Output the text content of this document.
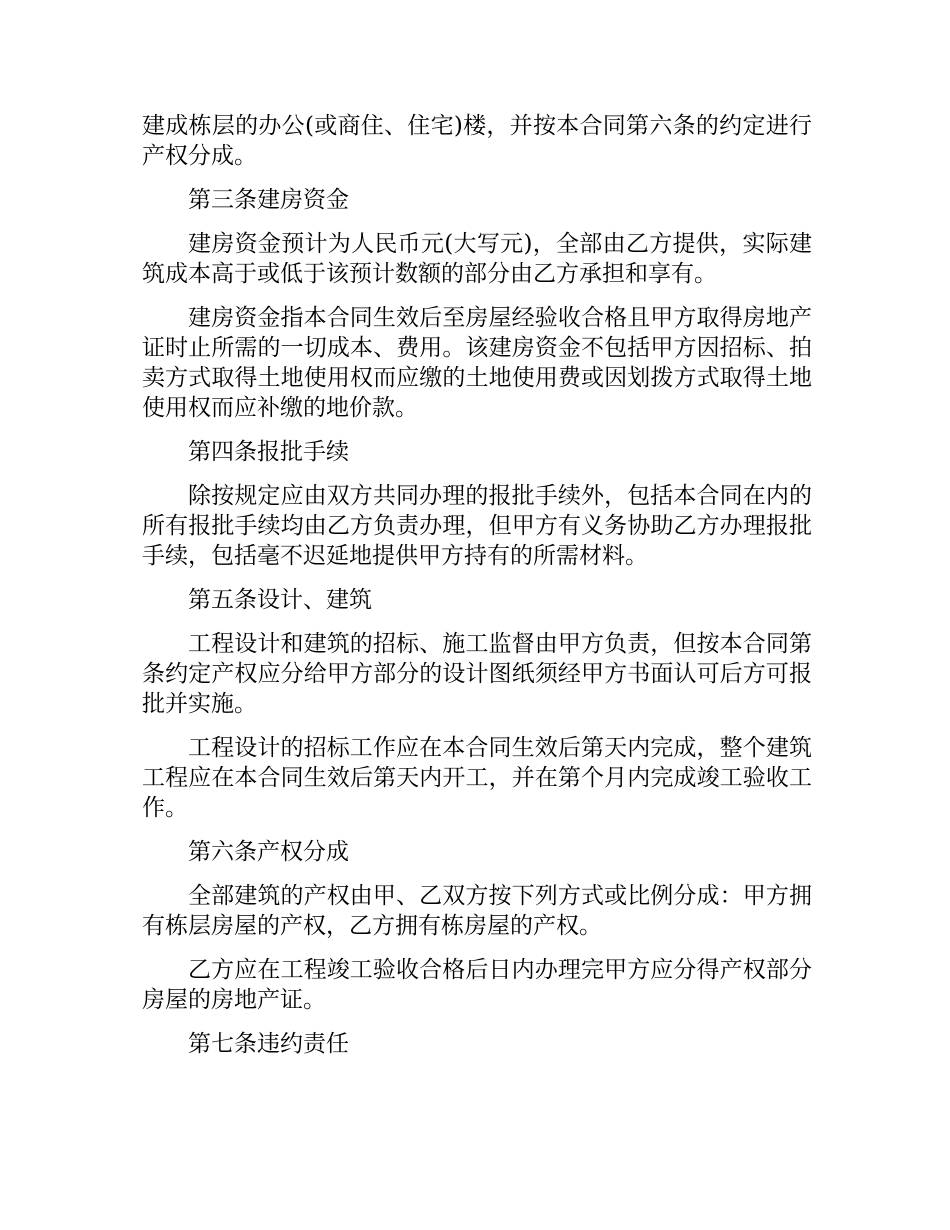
建成栋层的办公(或商住、住宅)楼，并按本合同第六条的约定进行产权分成。

第三条建房资金

建房资金预计为人民币元(大写元)，全部由乙方提供，实际建筑成本高于或低于该预计数额的部分由乙方承担和享有。

建房资金指本合同生效后至房屋经验收合格且甲方取得房地产证时止所需的一切成本、费用。该建房资金不包括甲方因招标、拍卖方式取得土地使用权而应缴的土地使用费或因划拨方式取得土地使用权而应补缴的地价款。

第四条报批手续

除按规定应由双方共同办理的报批手续外，包括本合同在内的所有报批手续均由乙方负责办理，但甲方有义务协助乙方办理报批手续，包括毫不迟延地提供甲方持有的所需材料。

第五条设计、建筑

工程设计和建筑的招标、施工监督由甲方负责，但按本合同第条约定产权应分给甲方部分的设计图纸须经甲方书面认可后方可报批并实施。

工程设计的招标工作应在本合同生效后第天内完成，整个建筑工程应在本合同生效后第天内开工，并在第个月内完成竣工验收工作。

第六条产权分成

全部建筑的产权由甲、乙双方按下列方式或比例分成：甲方拥有栋层房屋的产权，乙方拥有栋房屋的产权。

乙方应在工程竣工验收合格后日内办理完甲方应分得产权部分房屋的房地产证。

第七条违约责任
